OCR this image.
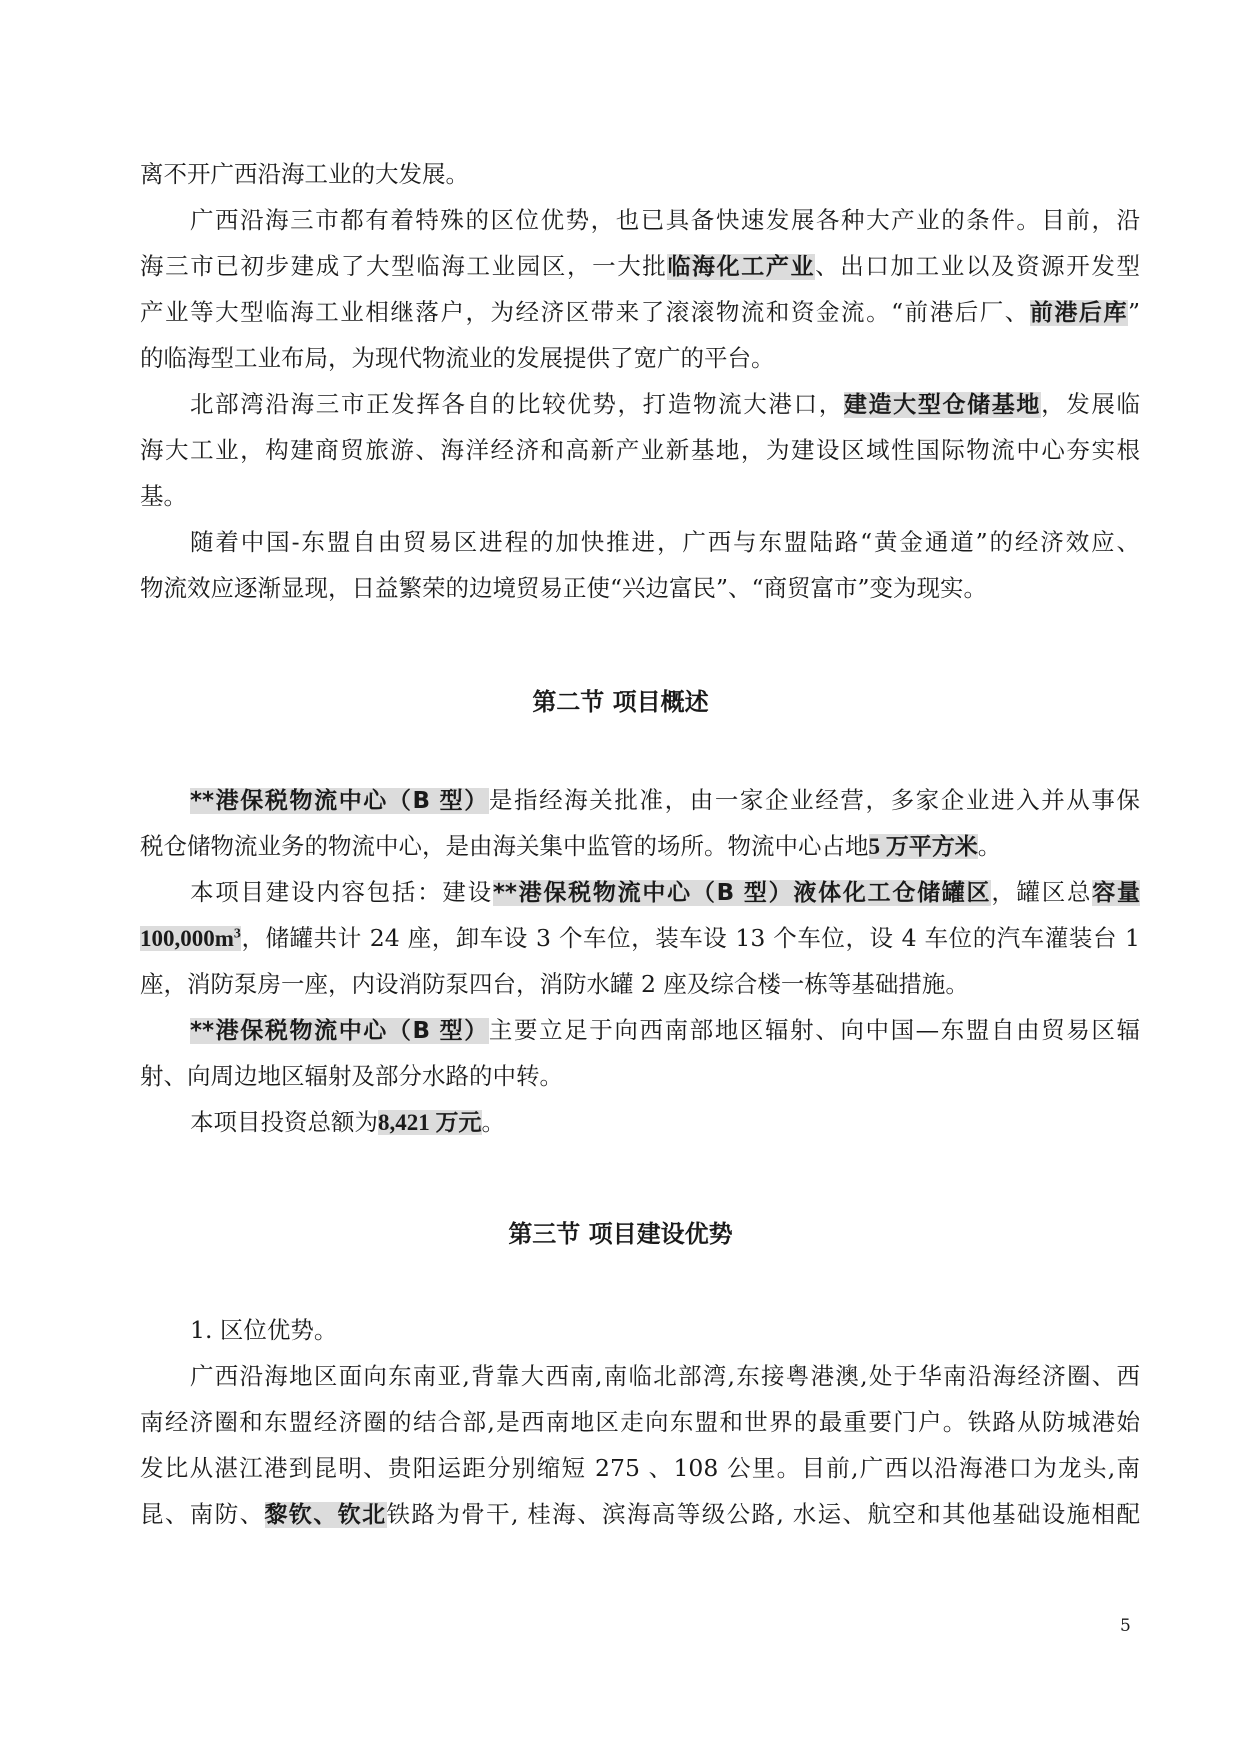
离不开广西沿海工业的大发展。
广西沿海三市都有着特殊的区位优势，也已具备快速发展各种大产业的条件。目前，沿
海三市已初步建成了大型临海工业园区，一大批临海化工产业、出口加工业以及资源开发型
产业等大型临海工业相继落户，为经济区带来了滚滚物流和资金流。“前港后厂、前港后库”
的临海型工业布局，为现代物流业的发展提供了宽广的平台。
北部湾沿海三市正发挥各自的比较优势，打造物流大港口，建造大型仓储基地，发展临
海大工业，构建商贸旅游、海洋经济和高新产业新基地，为建设区域性国际物流中心夯实根
基。
随着中国-东盟自由贸易区进程的加快推进，广西与东盟陆路“黄金通道”的经济效应、
物流效应逐渐显现，日益繁荣的边境贸易正使“兴边富民”、“商贸富市”变为现实。
第二节 项目概述
**港保税物流中心（B 型）是指经海关批准，由一家企业经营，多家企业进入并从事保
税仓储物流业务的物流中心，是由海关集中监管的场所。物流中心占地5 万平方米。
本项目建设内容包括：建设**港保税物流中心（B 型）液体化工仓储罐区，罐区总容量
$100,000m^3$，储罐共计 24 座，卸车设 3 个车位，装车设 13 个车位，设 4 车位的汽车灌装台 1
座，消防泵房一座，内设消防泵四台，消防水罐 2 座及综合楼一栋等基础措施。
**港保税物流中心（B 型）主要立足于向西南部地区辐射、向中国—东盟自由贸易区辐
射、向周边地区辐射及部分水路的中转。
本项目投资总额为8,421 万元。
第三节 项目建设优势
1. 区位优势。
广西沿海地区面向东南亚,背靠大西南,南临北部湾,东接粤港澳,处于华南沿海经济圈、西
南经济圈和东盟经济圈的结合部,是西南地区走向东盟和世界的最重要门户。铁路从防城港始
发比从湛江港到昆明、贵阳运距分别缩短 275 、108 公里。目前,广西以沿海港口为龙头,南
昆、南防、黎钦、钦北铁路为骨干, 桂海、滨海高等级公路, 水运、航空和其他基础设施相配
5
